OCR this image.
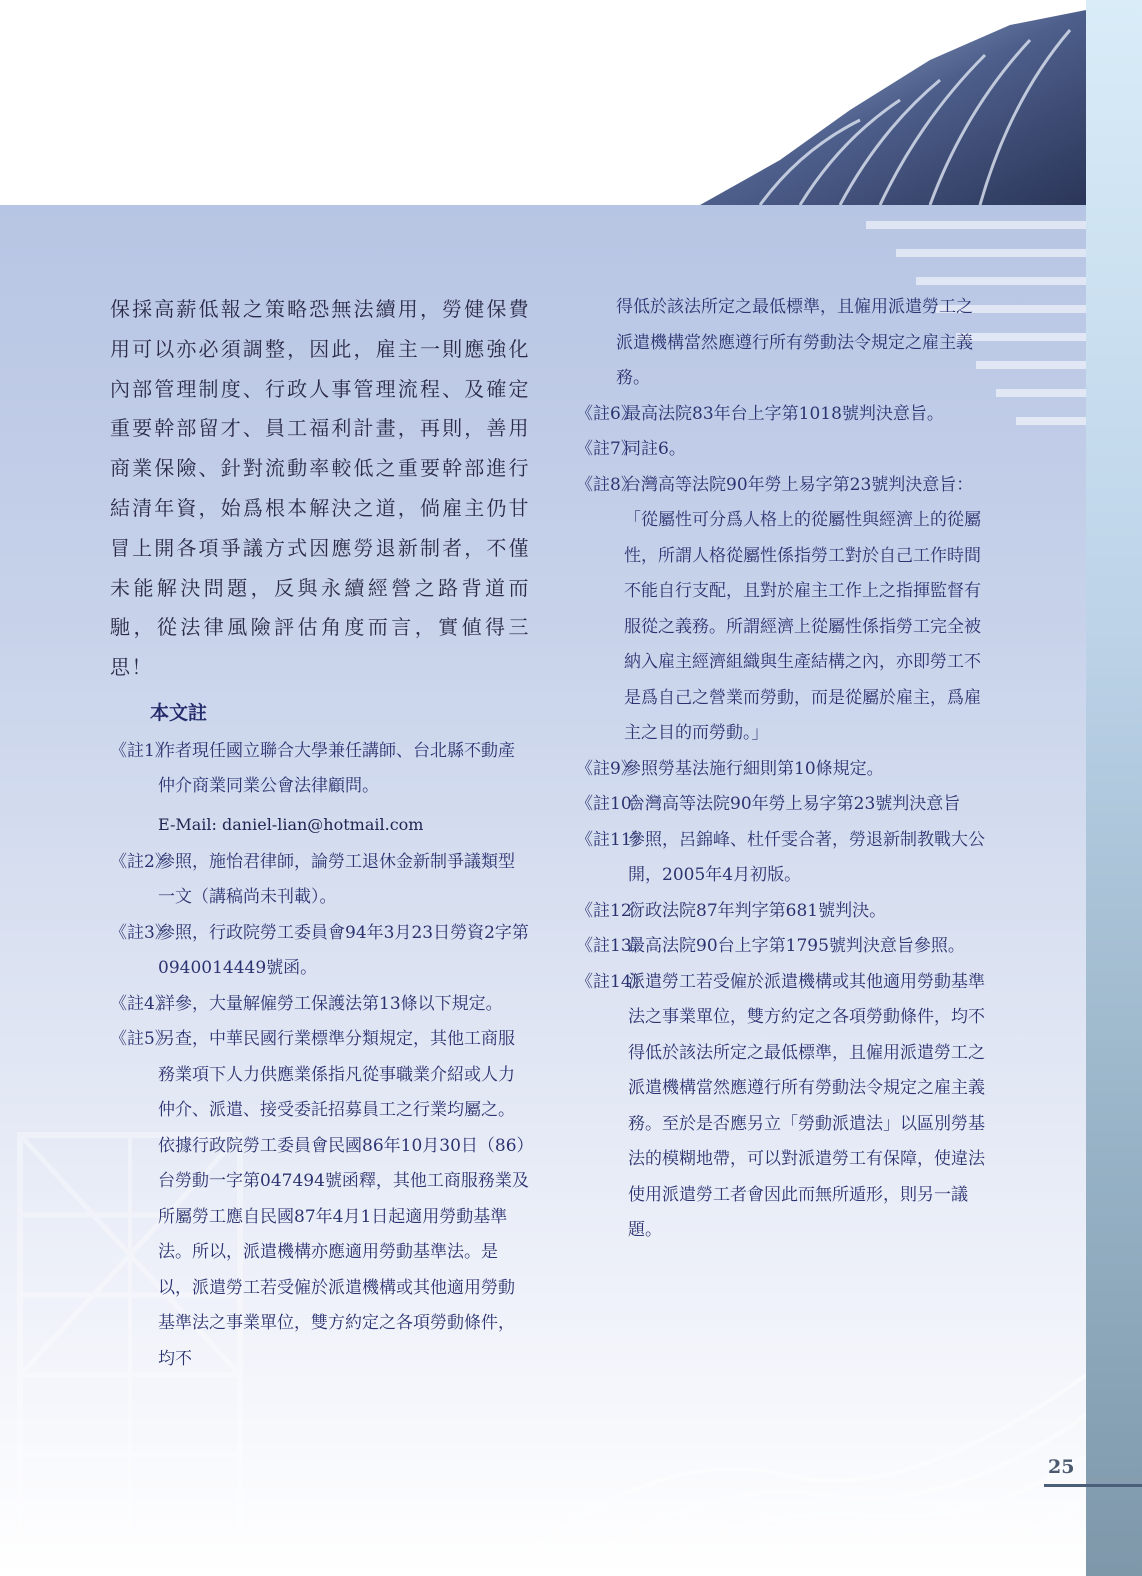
保採高薪低報之策略恐無法續用，勞健保費用可以亦必須調整，因此，雇主一則應強化內部管理制度、行政人事管理流程、及確定重要幹部留才、員工福利計畫，再則，善用商業保險、針對流動率較低之重要幹部進行結清年資，始爲根本解決之道，倘雇主仍甘冒上開各項爭議方式因應勞退新制者，不僅未能解決問題，反與永續經營之路背道而馳，從法律風險評估角度而言，實値得三思！

本文註

《註1》
作者現任國立聯合大學兼任講師、台北縣不動產仲介商業同業公會法律顧問。

E-Mail: daniel-lian@hotmail.com

《註2》
參照，施怡君律師，論勞工退休金新制爭議類型一文（講稿尚未刊載）。

《註3》
參照，行政院勞工委員會94年3月23日勞資2字第0940014449號函。

《註4》
詳參，大量解僱勞工保護法第13條以下規定。

《註5》
另查，中華民國行業標準分類規定，其他工商服務業項下人力供應業係指凡從事職業介紹或人力仲介、派遣、接受委託招募員工之行業均屬之。依據行政院勞工委員會民國86年10月30日（86）台勞動一字第047494號函釋，其他工商服務業及所屬勞工應自民國87年4月1日起適用勞動基準法。所以，派遣機構亦應適用勞動基準法。是以，派遣勞工若受僱於派遣機構或其他適用勞動基準法之事業單位，雙方約定之各項勞動條件，均不

得低於該法所定之最低標準，且僱用派遣勞工之派遣機構當然應遵行所有勞動法令規定之雇主義務。

《註6》
最高法院83年台上字第1018號判決意旨。

《註7》
同註6。

《註8》
台灣高等法院90年勞上易字第23號判決意旨：「從屬性可分爲人格上的從屬性與經濟上的從屬性，所謂人格從屬性係指勞工對於自己工作時間不能自行支配，且對於雇主工作上之指揮監督有服從之義務。所謂經濟上從屬性係指勞工完全被納入雇主經濟組織與生產結構之內，亦即勞工不是爲自己之營業而勞動，而是從屬於雇主，爲雇主之目的而勞動。」

《註9》
參照勞基法施行細則第10條規定。

《註10》
台灣高等法院90年勞上易字第23號判決意旨

《註11》
參照，呂錦峰、杜仟雯合著，勞退新制教戰大公開，2005年4月初版。

《註12》
行政法院87年判字第681號判決。

《註13》
最高法院90台上字第1795號判決意旨參照。

《註14》
派遣勞工若受僱於派遣機構或其他適用勞動基準法之事業單位，雙方約定之各項勞動條件，均不得低於該法所定之最低標準，且僱用派遣勞工之派遣機構當然應遵行所有勞動法令規定之雇主義務。至於是否應另立「勞動派遣法」以區別勞基法的模糊地帶，可以對派遣勞工有保障，使違法使用派遣勞工者會因此而無所遁形，則另一議題。

25
